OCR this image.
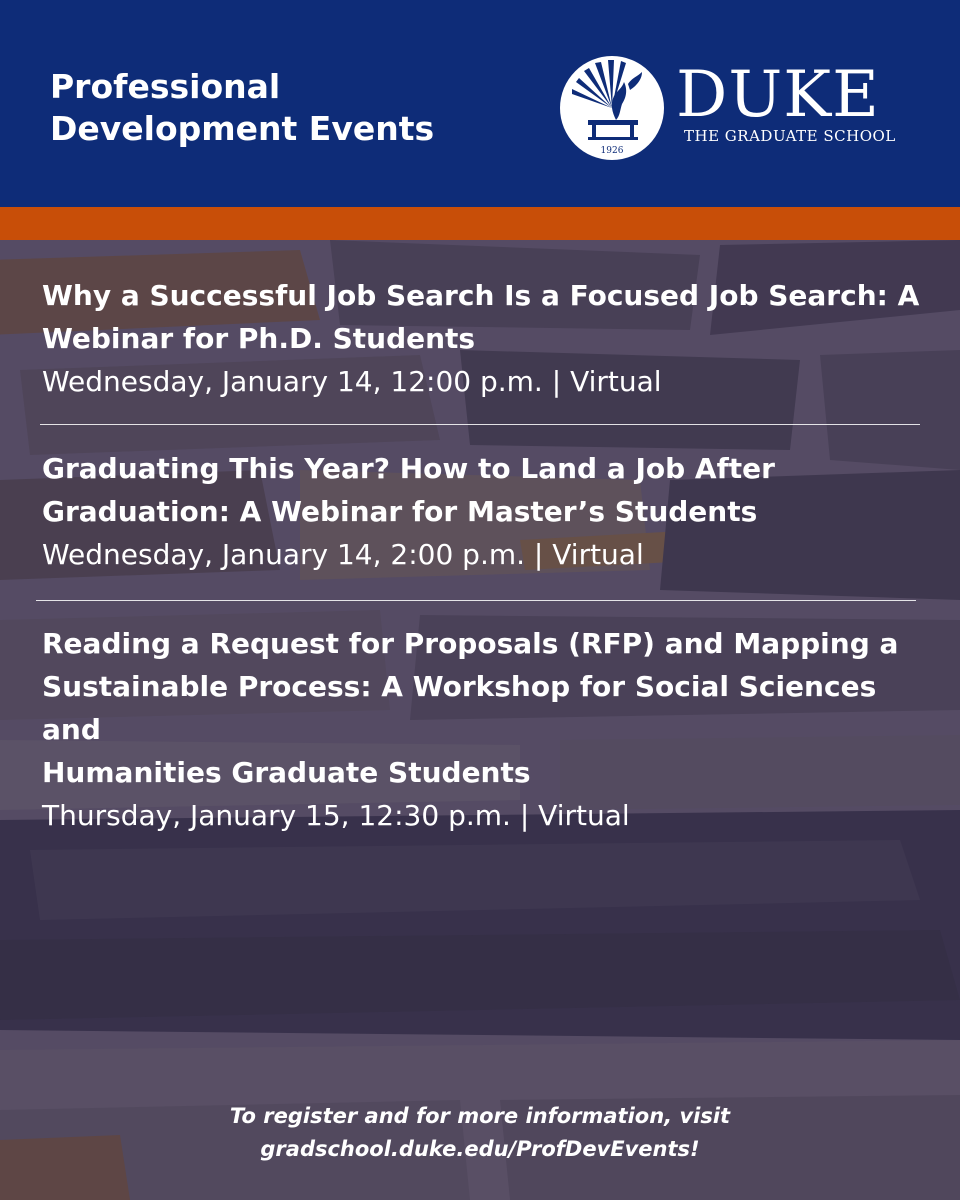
Professional
Development Events
1926
DUKE
THE GRADUATE SCHOOL
Why a Successful Job Search Is a Focused Job Search: A
Webinar for Ph.D. Students
Wednesday, January 14, 12:00 p.m. | Virtual
Graduating This Year? How to Land a Job After
Graduation: A Webinar for Master’s Students
Wednesday, January 14, 2:00 p.m. | Virtual
Reading a Request for Proposals (RFP) and Mapping a
Sustainable Process: A Workshop for Social Sciences and
Humanities Graduate Students
Thursday, January 15, 12:30 p.m. | Virtual
To register and for more information, visit
gradschool.duke.edu/ProfDevEvents!
